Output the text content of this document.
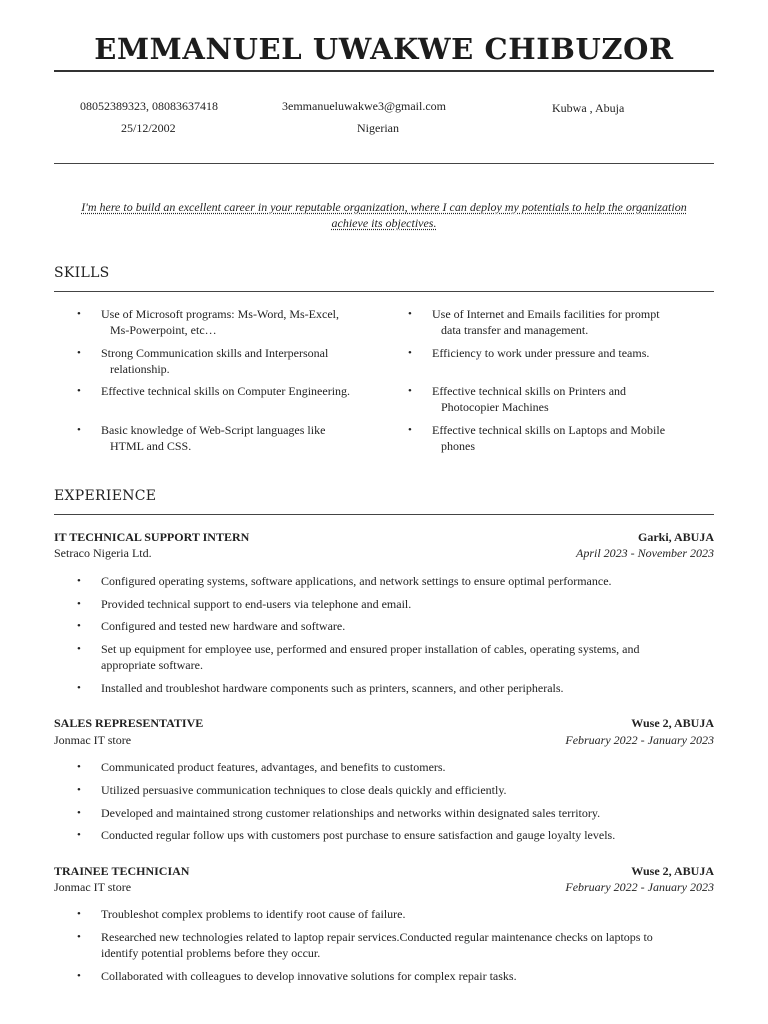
EMMANUEL UWAKWE CHIBUZOR
08052389323, 08083637418	3emmanueluwakwe3@gmail.com	Kubwa , Abuja
25/12/2002	Nigerian
I'm here to build an excellent career in your reputable organization, where I can deploy my potentials to help the organization
achieve its objectives.
SKILLS
• Use of Microsoft programs: Ms-Word, Ms-Excel,
Ms-Powerpoint, etc…
• Use of Internet and Emails facilities for prompt
data transfer and management.
• Strong Communication skills and Interpersonal
relationship.
• Efficiency to work under pressure and teams.
• Effective technical skills on Computer Engineering.	• Effective technical skills on Printers and
Photocopier Machines
• Basic knowledge of Web-Script languages like
HTML and CSS.
• Effective technical skills on Laptops and Mobile
phones
EXPERIENCE
IT TECHNICAL SUPPORT INTERN	Garki, ABUJA
Setraco Nigeria Ltd.	April 2023 - November 2023
• Configured operating systems, software applications, and network settings to ensure optimal performance.
• Provided technical support to end-users via telephone and email.
• Configured and tested new hardware and software.
• Set up equipment for employee use, performed and ensured proper installation of cables, operating systems, and
appropriate software.
• Installed and troubleshot hardware components such as printers, scanners, and other peripherals.
SALES REPRESENTATIVE	Wuse 2, ABUJA
Jonmac IT store	February 2022 - January 2023
• Communicated product features, advantages, and benefits to customers.
• Utilized persuasive communication techniques to close deals quickly and efficiently.
• Developed and maintained strong customer relationships and networks within designated sales territory.
• Conducted regular follow ups with customers post purchase to ensure satisfaction and gauge loyalty levels.
TRAINEE TECHNICIAN	Wuse 2, ABUJA
Jonmac IT store	February 2022 - January 2023
• Troubleshot complex problems to identify root cause of failure.
• Researched new technologies related to laptop repair services.Conducted regular maintenance checks on laptops to
identify potential problems before they occur.
• Collaborated with colleagues to develop innovative solutions for complex repair tasks.
